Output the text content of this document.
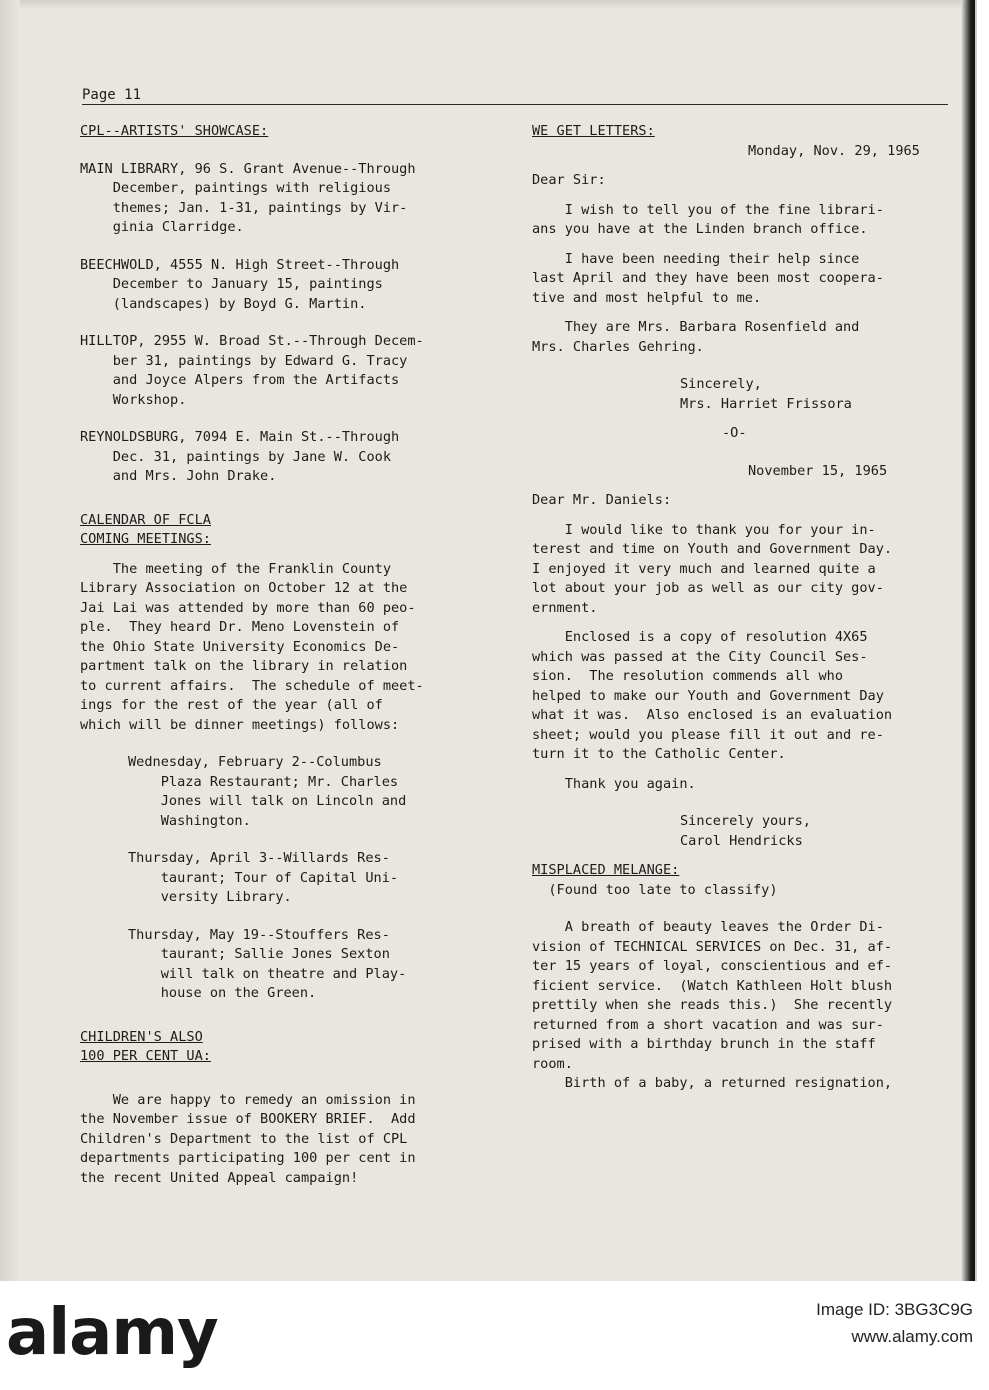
Page 11
CPL--ARTISTS' SHOWCASE:
MAIN LIBRARY, 96 S. Grant Avenue--Through
December, paintings with religious
themes; Jan. 1-31, paintings by Vir-
ginia Clarridge.
BEECHWOLD, 4555 N. High Street--Through
December to January 15, paintings
(landscapes) by Boyd G. Martin.
HILLTOP, 2955 W. Broad St.--Through Decem-
ber 31, paintings by Edward G. Tracy
and Joyce Alpers from the Artifacts
Workshop.
REYNOLDSBURG, 7094 E. Main St.--Through
Dec. 31, paintings by Jane W. Cook
and Mrs. John Drake.
CALENDAR OF FCLA
COMING MEETINGS:
The meeting of the Franklin County
Library Association on October 12 at the
Jai Lai was attended by more than 60 peo-
ple.  They heard Dr. Meno Lovenstein of
the Ohio State University Economics De-
partment talk on the library in relation
to current affairs.  The schedule of meet-
ings for the rest of the year (all of
which will be dinner meetings) follows:
Wednesday, February 2--Columbus
Plaza Restaurant; Mr. Charles
Jones will talk on Lincoln and
Washington.
Thursday, April 3--Willards Res-
taurant; Tour of Capital Uni-
versity Library.
Thursday, May 19--Stouffers Res-
taurant; Sallie Jones Sexton
will talk on theatre and Play-
house on the Green.
CHILDREN'S ALSO
100 PER CENT UA:
We are happy to remedy an omission in
the November issue of BOOKERY BRIEF.  Add
Children's Department to the list of CPL
departments participating 100 per cent in
the recent United Appeal campaign!
WE GET LETTERS:
Monday, Nov. 29, 1965
Dear Sir:
I wish to tell you of the fine librari-
ans you have at the Linden branch office.
I have been needing their help since
last April and they have been most coopera-
tive and most helpful to me.
They are Mrs. Barbara Rosenfield and
Mrs. Charles Gehring.
Sincerely,
Mrs. Harriet Frissora
-O-
November 15, 1965
Dear Mr. Daniels:
I would like to thank you for your in-
terest and time on Youth and Government Day.
I enjoyed it very much and learned quite a
lot about your job as well as our city gov-
ernment.
Enclosed is a copy of resolution 4X65
which was passed at the City Council Ses-
sion.  The resolution commends all who
helped to make our Youth and Government Day
what it was.  Also enclosed is an evaluation
sheet; would you please fill it out and re-
turn it to the Catholic Center.
Thank you again.
Sincerely yours,
Carol Hendricks
MISPLACED MELANGE:
(Found too late to classify)
A breath of beauty leaves the Order Di-
vision of TECHNICAL SERVICES on Dec. 31, af-
ter 15 years of loyal, conscientious and ef-
ficient service.  (Watch Kathleen Holt blush
prettily when she reads this.)  She recently
returned from a short vacation and was sur-
prised with a birthday brunch in the staff
room.
Birth of a baby, a returned resignation,
alamy	Image ID: 3BG3C9G
www.alamy.com
